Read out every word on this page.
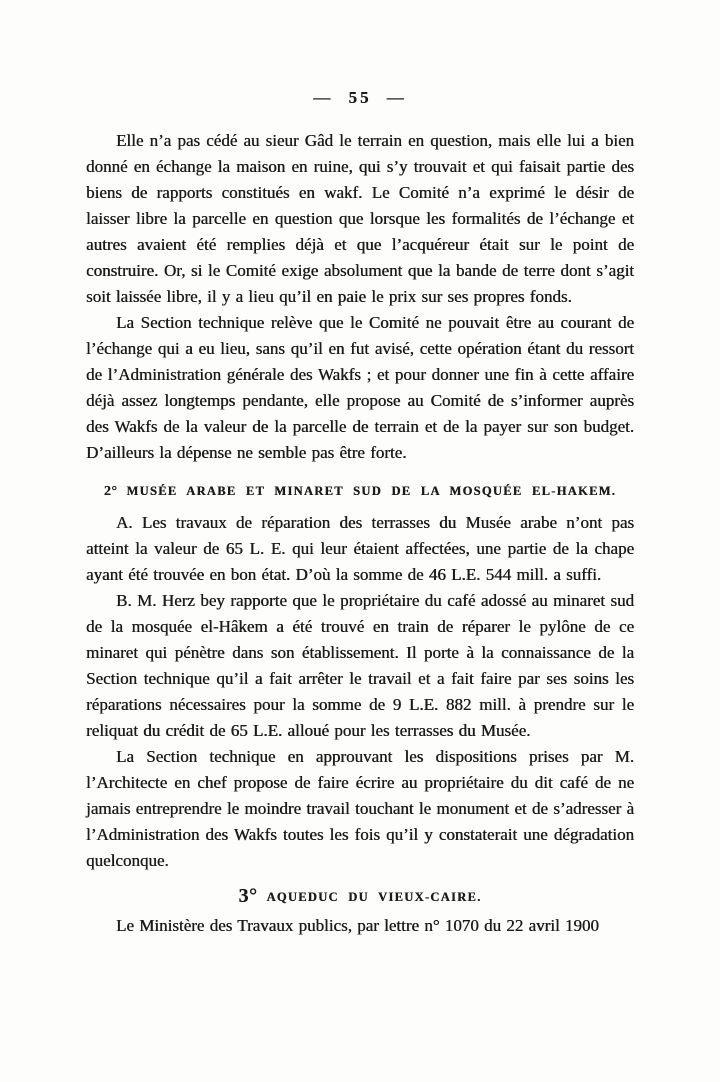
— 55 —

Elle n’a pas cédé au sieur Gâd le terrain en question, mais elle lui a bien donné en échange la maison en ruine, qui s’y trouvait et qui faisait partie des biens de rapports constitués en wakf. Le Comité n’a exprimé le désir de laisser libre la parcelle en question que lorsque les formalités de l’échange et autres avaient été remplies déjà et que l’acquéreur était sur le point de construire. Or, si le Comité exige absolument que la bande de terre dont s’agit soit laissée libre, il y a lieu qu’il en paie le prix sur ses propres fonds.

La Section technique relève que le Comité ne pouvait être au courant de l’échange qui a eu lieu, sans qu’il en fut avisé, cette opération étant du ressort de l’Administration générale des Wakfs ; et pour donner une fin à cette affaire déjà assez longtemps pendante, elle propose au Comité de s’informer auprès des Wakfs de la valeur de la parcelle de terrain et de la payer sur son budget. D’ailleurs la dépense ne semble pas être forte.

2° MUSÉE ARABE ET MINARET SUD DE LA MOSQUÉE EL-HAKEM.

A. Les travaux de réparation des terrasses du Musée arabe n’ont pas atteint la valeur de 65 L. E. qui leur étaient affectées, une partie de la chape ayant été trouvée en bon état. D’où la somme de 46 L.E. 544 mill. a suffi.

B. M. Herz bey rapporte que le propriétaire du café adossé au minaret sud de la mosquée el-Hâkem a été trouvé en train de réparer le pylône de ce minaret qui pénètre dans son établissement. Il porte à la connaissance de la Section technique qu’il a fait arrêter le travail et a fait faire par ses soins les réparations nécessaires pour la somme de 9 L.E. 882 mill. à prendre sur le reliquat du crédit de 65 L.E. alloué pour les terrasses du Musée.

La Section technique en approuvant les dispositions prises par M. l’Architecte en chef propose de faire écrire au propriétaire du dit café de ne jamais entreprendre le moindre travail touchant le monument et de s’adresser à l’Administration des Wakfs toutes les fois qu’il y constaterait une dégradation quelconque.

3° AQUEDUC DU VIEUX-CAIRE.

Le Ministère des Travaux publics, par lettre n° 1070 du 22 avril 1900
